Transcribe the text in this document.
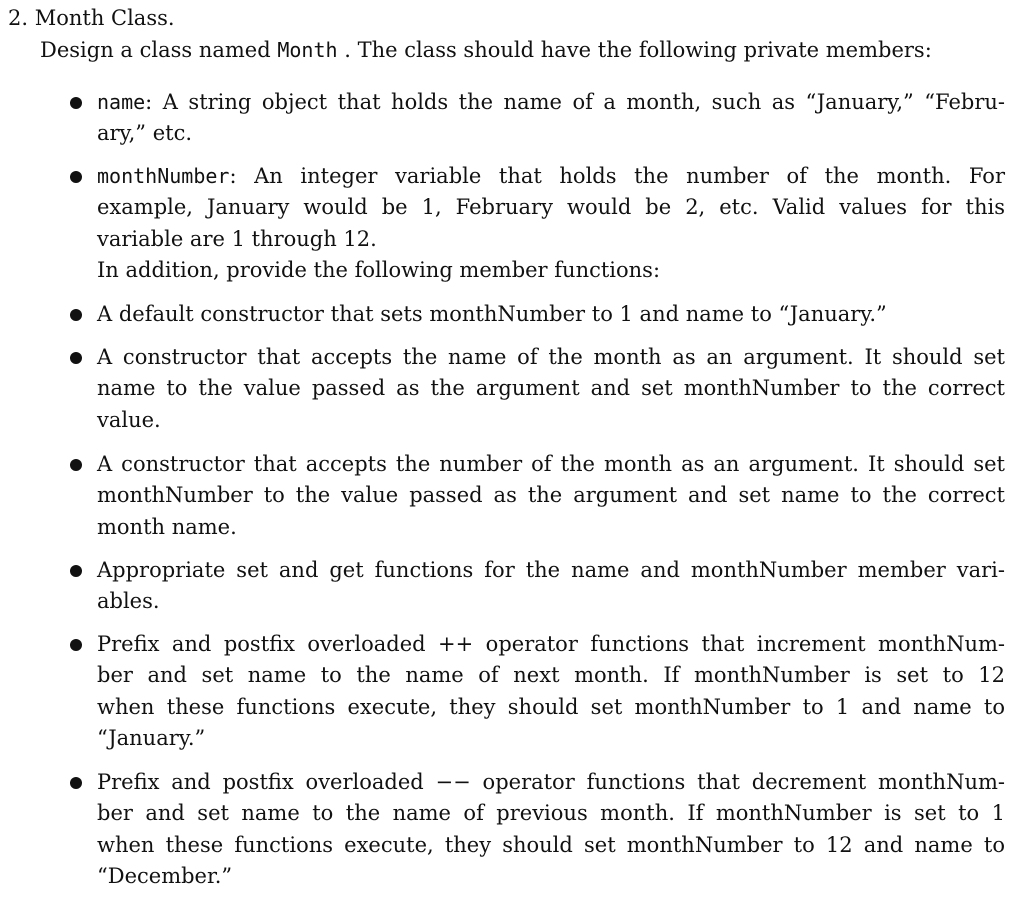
2. Month Class.
Design a class named Month . The class should have the following private members:
name: A string object that holds the name of a month, such as “January,” “Febru-
ary,” etc.
monthNumber: An integer variable that holds the number of the month. For
example, January would be 1, February would be 2, etc. Valid values for this
variable are 1 through 12.
In addition, provide the following member functions:
A default constructor that sets monthNumber to 1 and name to “January.”
A constructor that accepts the name of the month as an argument. It should set
name to the value passed as the argument and set monthNumber to the correct
value.
A constructor that accepts the number of the month as an argument. It should set
monthNumber to the value passed as the argument and set name to the correct
month name.
Appropriate set and get functions for the name and monthNumber member vari-
ables.
Prefix and postfix overloaded ++ operator functions that increment monthNum-
ber and set name to the name of next month. If monthNumber is set to 12
when these functions execute, they should set monthNumber to 1 and name to
“January.”
Prefix and postfix overloaded −− operator functions that decrement monthNum-
ber and set name to the name of previous month. If monthNumber is set to 1
when these functions execute, they should set monthNumber to 12 and name to
“December.”
